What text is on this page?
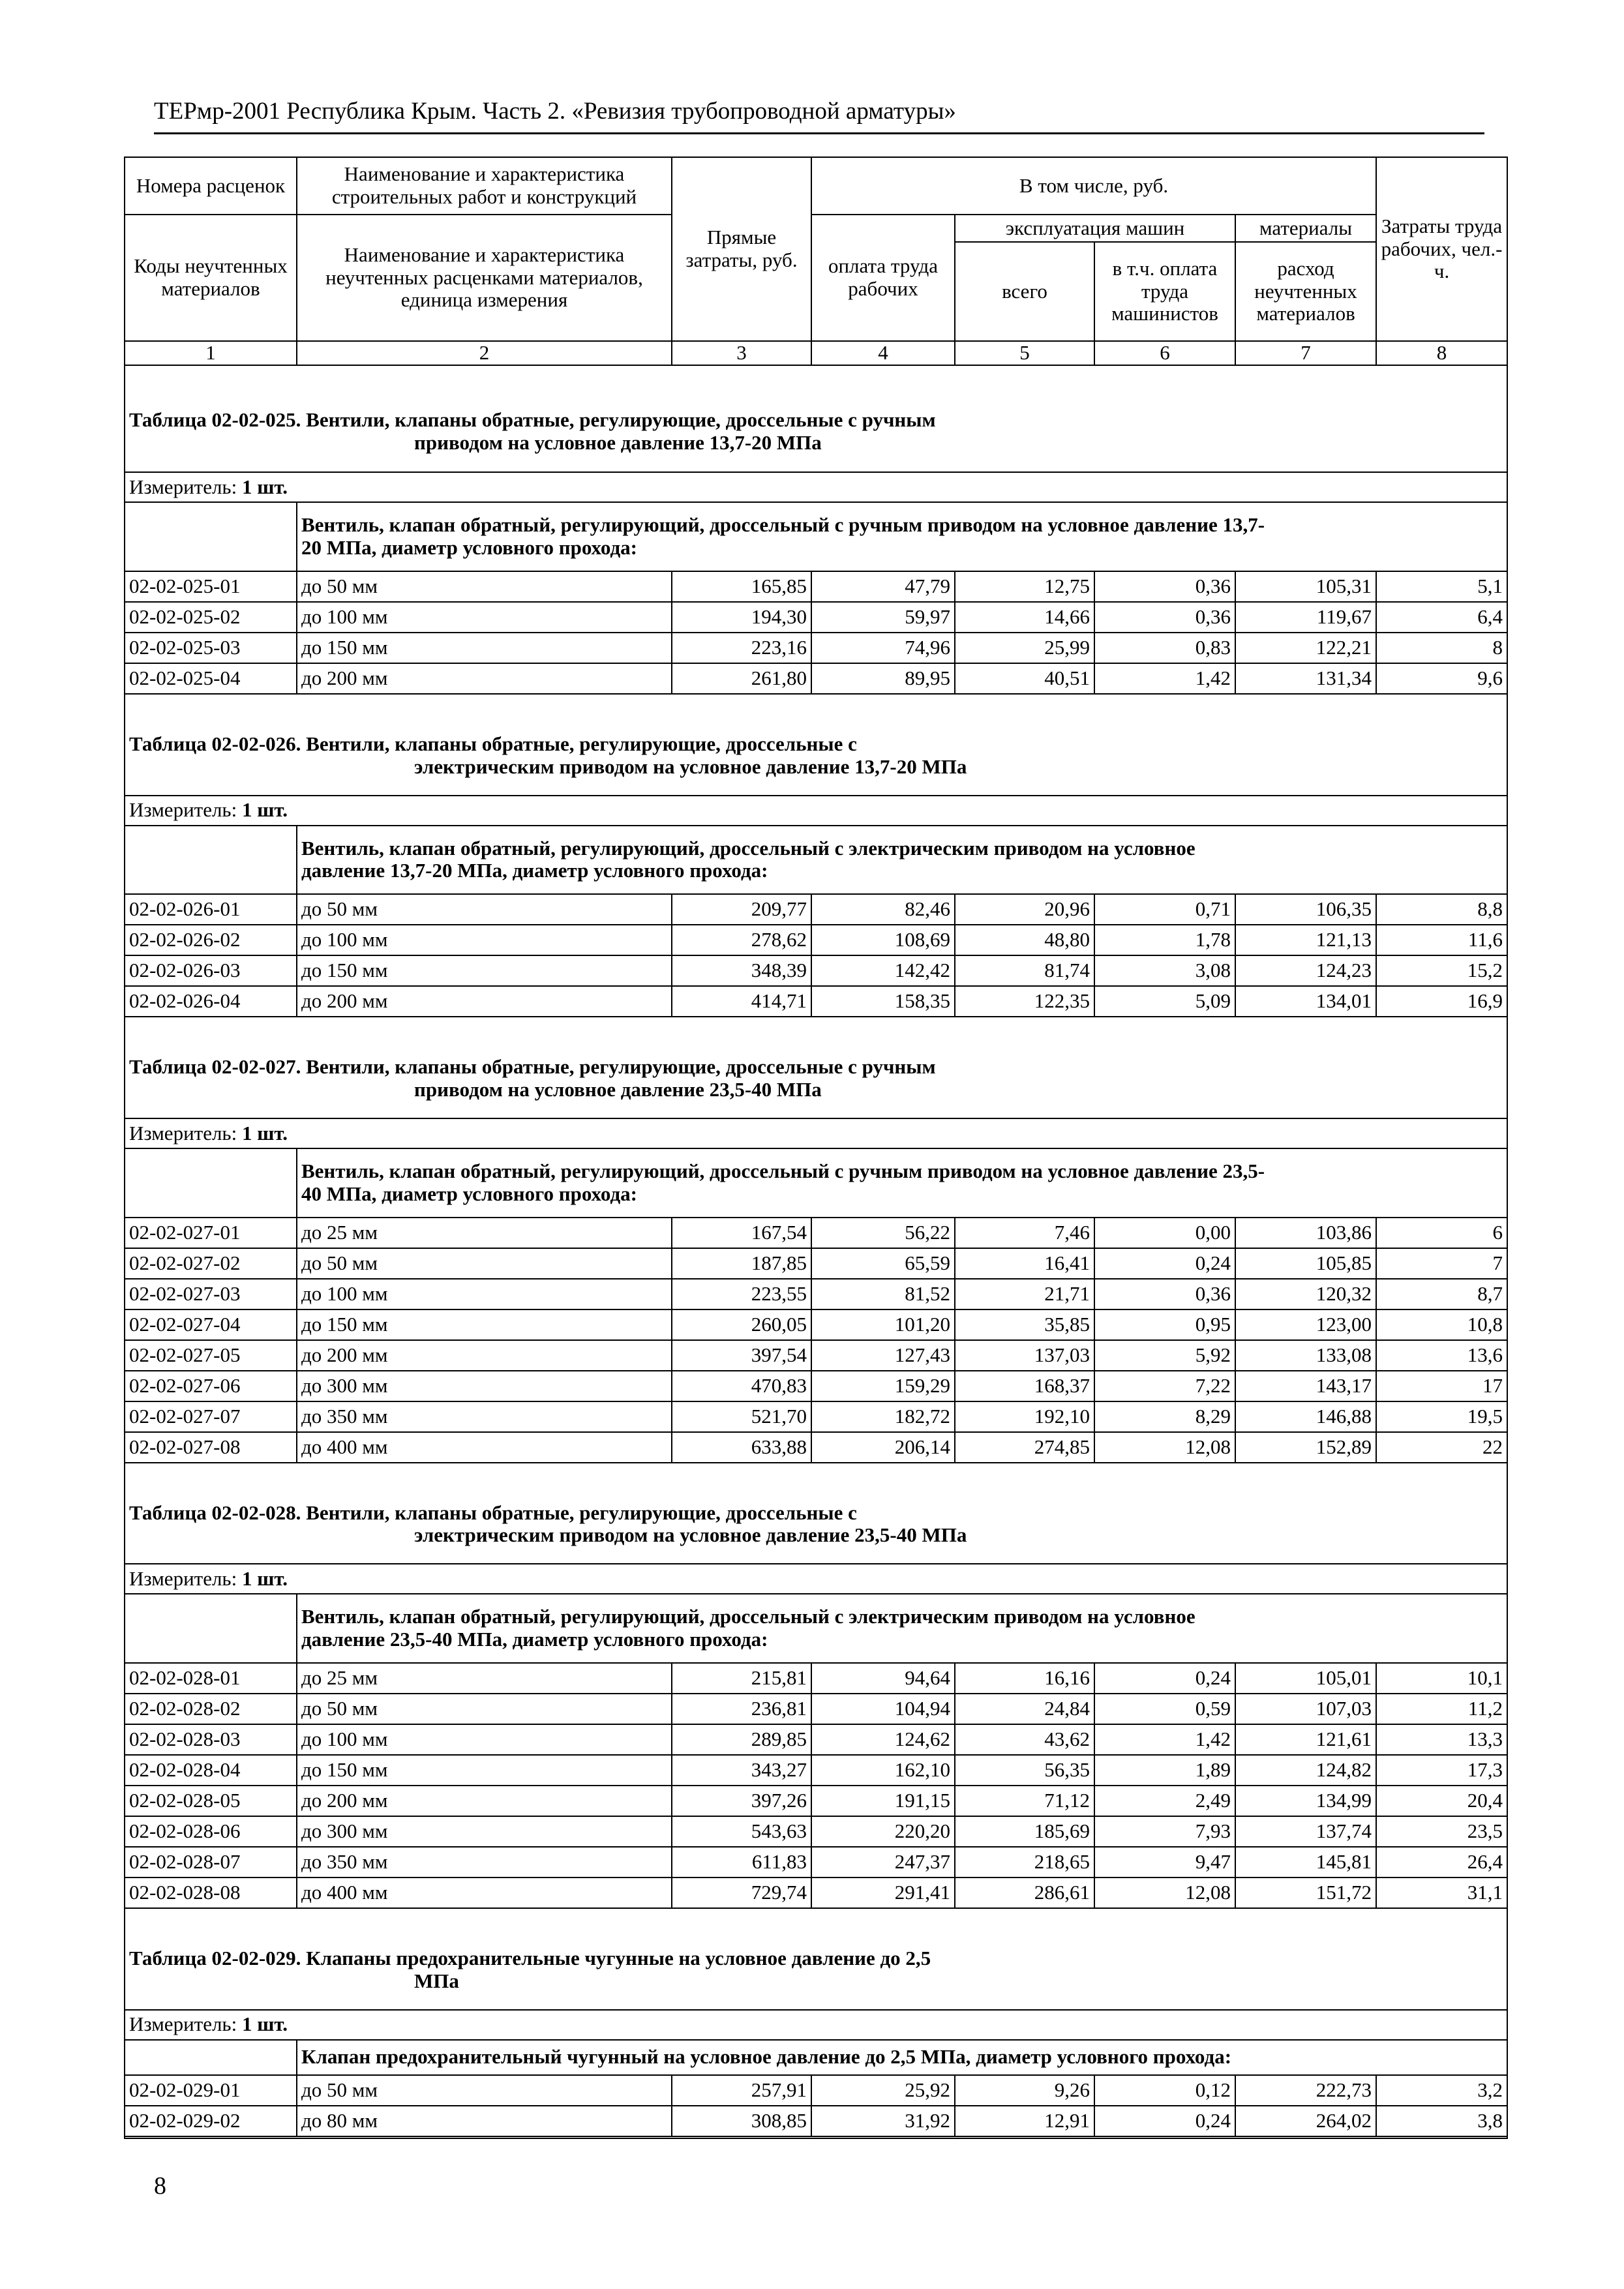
ТЕРмр-2001 Республика Крым. Часть 2. «Ревизия трубопроводной арматуры»
Номера расценок	Наименование и характеристика строительных работ и конструкций	Прямые затраты, руб.	В том числе, руб.				Затраты труда рабочих, чел.-ч.
Коды неучтенных материалов	Наименование и характеристика неучтенных расценками материалов, единица измерения		оплата труда рабочих	эксплуатация машин		материалы	
				всего	в т.ч. оплата труда машинистов	расход неучтенных материалов	
1	2	3	4	5	6	7	8
Таблица 02-02-025. Вентили, клапаны обратные, регулирующие, дроссельные с ручным
приводом на условное давление 13,7-20 МПа							

Измеритель: 1 шт.							
	Вентиль, клапан обратный, регулирующий, дроссельный с ручным приводом на условное давление 13,7-
20 МПа, диаметр условного прохода:						
02-02-025-01	до 50 мм	165,85	47,79	12,75	0,36	105,31	5,1
02-02-025-02	до 100 мм	194,30	59,97	14,66	0,36	119,67	6,4
02-02-025-03	до 150 мм	223,16	74,96	25,99	0,83	122,21	8
02-02-025-04	до 200 мм	261,80	89,95	40,51	1,42	131,34	9,6
Таблица 02-02-026. Вентили, клапаны обратные, регулирующие, дроссельные с
электрическим приводом на условное давление 13,7-20 МПа							

Измеритель: 1 шт.							
	Вентиль, клапан обратный, регулирующий, дроссельный с электрическим приводом на условное
давление 13,7-20 МПа, диаметр условного прохода:						
02-02-026-01	до 50 мм	209,77	82,46	20,96	0,71	106,35	8,8
02-02-026-02	до 100 мм	278,62	108,69	48,80	1,78	121,13	11,6
02-02-026-03	до 150 мм	348,39	142,42	81,74	3,08	124,23	15,2
02-02-026-04	до 200 мм	414,71	158,35	122,35	5,09	134,01	16,9
Таблица 02-02-027. Вентили, клапаны обратные, регулирующие, дроссельные с ручным
приводом на условное давление 23,5-40 МПа							

Измеритель: 1 шт.							
	Вентиль, клапан обратный, регулирующий, дроссельный с ручным приводом на условное давление 23,5-
40 МПа, диаметр условного прохода:						
02-02-027-01	до 25 мм	167,54	56,22	7,46	0,00	103,86	6
02-02-027-02	до 50 мм	187,85	65,59	16,41	0,24	105,85	7
02-02-027-03	до 100 мм	223,55	81,52	21,71	0,36	120,32	8,7
02-02-027-04	до 150 мм	260,05	101,20	35,85	0,95	123,00	10,8
02-02-027-05	до 200 мм	397,54	127,43	137,03	5,92	133,08	13,6
02-02-027-06	до 300 мм	470,83	159,29	168,37	7,22	143,17	17
02-02-027-07	до 350 мм	521,70	182,72	192,10	8,29	146,88	19,5
02-02-027-08	до 400 мм	633,88	206,14	274,85	12,08	152,89	22
Таблица 02-02-028. Вентили, клапаны обратные, регулирующие, дроссельные с
электрическим приводом на условное давление 23,5-40 МПа							

Измеритель: 1 шт.							
	Вентиль, клапан обратный, регулирующий, дроссельный с электрическим приводом на условное
давление 23,5-40 МПа, диаметр условного прохода:						
02-02-028-01	до 25 мм	215,81	94,64	16,16	0,24	105,01	10,1
02-02-028-02	до 50 мм	236,81	104,94	24,84	0,59	107,03	11,2
02-02-028-03	до 100 мм	289,85	124,62	43,62	1,42	121,61	13,3
02-02-028-04	до 150 мм	343,27	162,10	56,35	1,89	124,82	17,3
02-02-028-05	до 200 мм	397,26	191,15	71,12	2,49	134,99	20,4
02-02-028-06	до 300 мм	543,63	220,20	185,69	7,93	137,74	23,5
02-02-028-07	до 350 мм	611,83	247,37	218,65	9,47	145,81	26,4
02-02-028-08	до 400 мм	729,74	291,41	286,61	12,08	151,72	31,1
Таблица 02-02-029. Клапаны предохранительные чугунные на условное давление до 2,5
МПа							

Измеритель: 1 шт.							
	Клапан предохранительный чугунный на условное давление до 2,5 МПа, диаметр условного прохода:						
02-02-029-01	до 50 мм	257,91	25,92	9,26	0,12	222,73	3,2
02-02-029-02	до 80 мм	308,85	31,92	12,91	0,24	264,02	3,8

8
